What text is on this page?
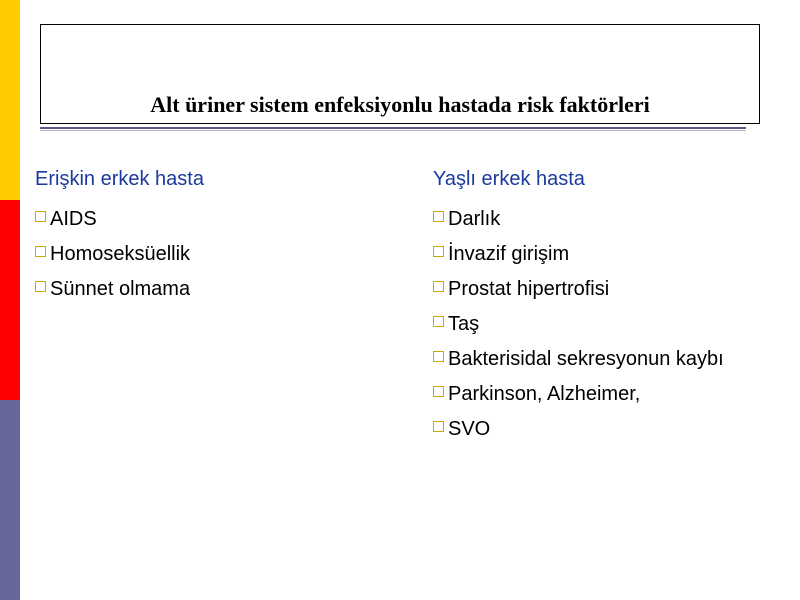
Alt üriner sistem enfeksiyonlu hastada risk faktörleri
Erişkin erkek hasta
AIDS
Homoseksüellik
Sünnet olmama
Yaşlı erkek hasta
Darlık
İnvazif girişim
Prostat hipertrofisi
Taş
Bakterisidal sekresyonun kaybı
Parkinson, Alzheimer,
SVO
